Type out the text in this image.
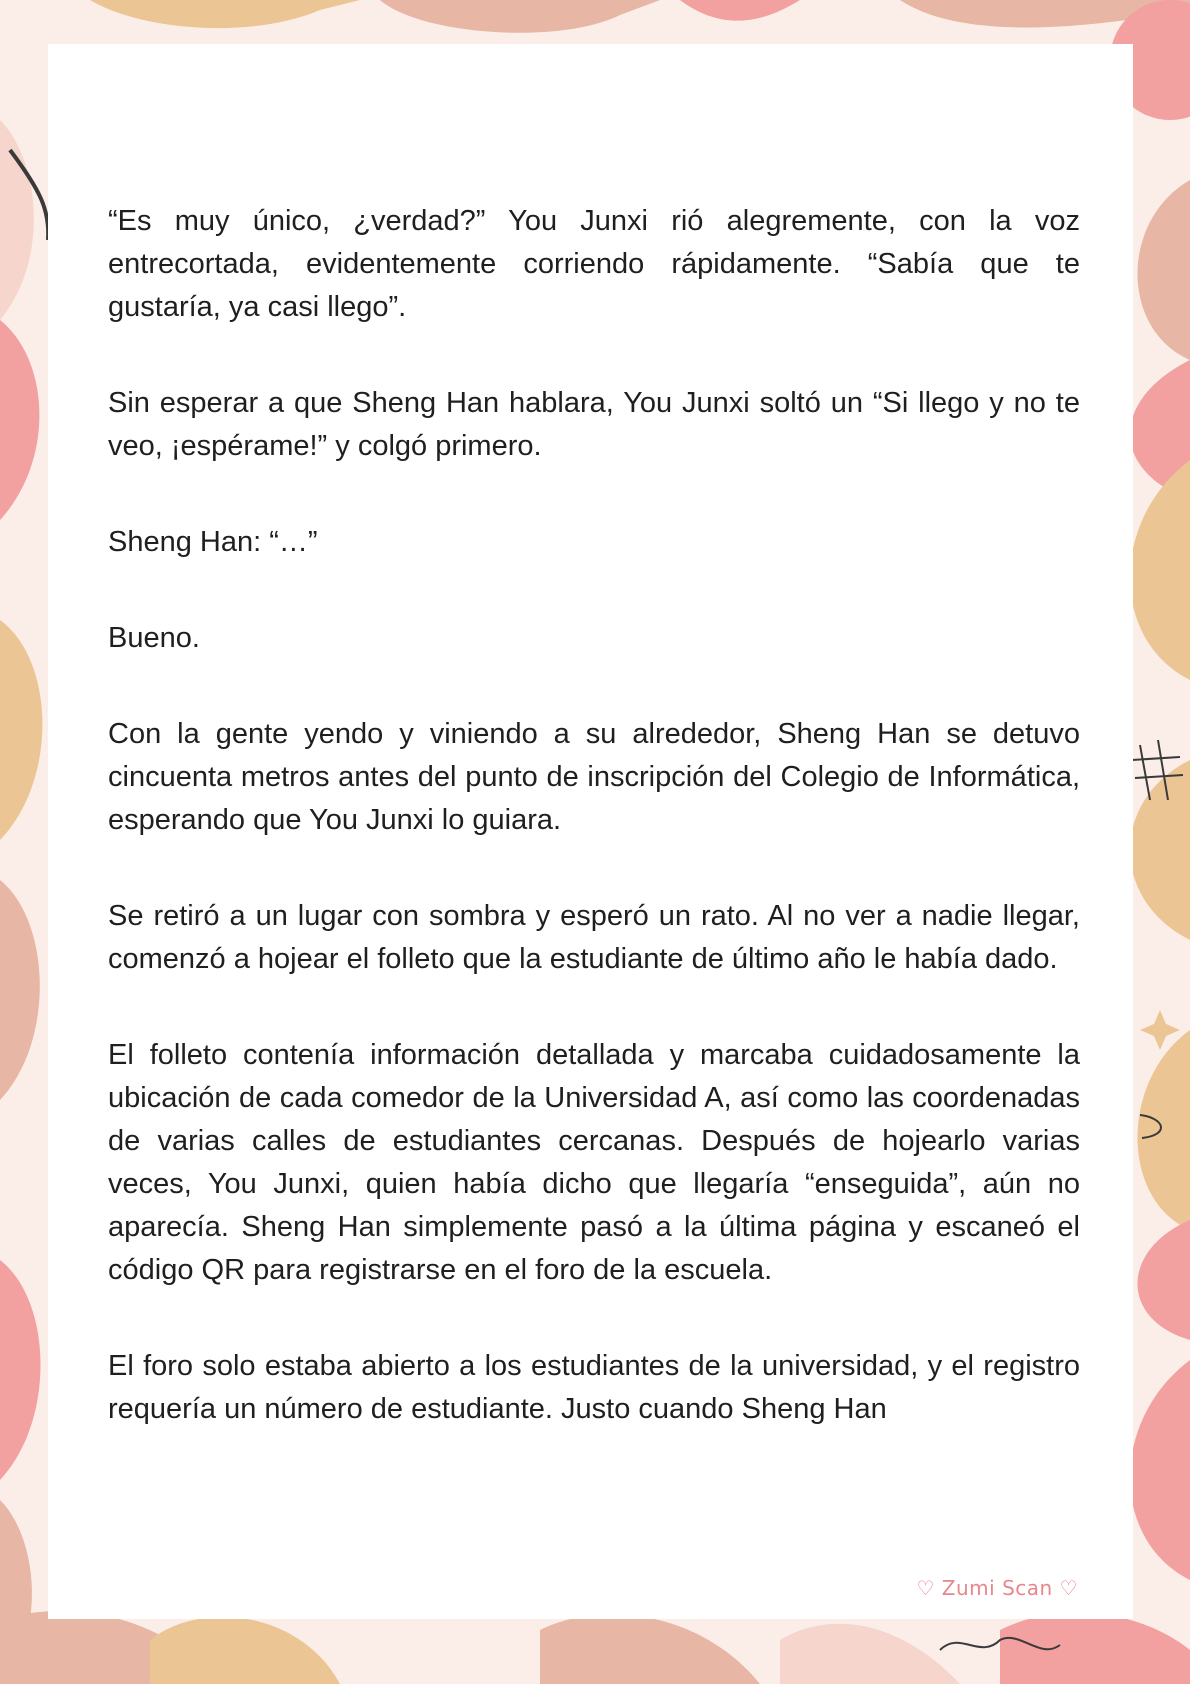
“Es muy único, ¿verdad?” You Junxi rió alegremente, con la voz entrecortada, evidentemente corriendo rápidamente. “Sabía que te gustaría, ya casi llego”.

Sin esperar a que Sheng Han hablara, You Junxi soltó un “Si llego y no te veo, ¡espérame!” y colgó primero.

Sheng Han: “…”

Bueno.

Con la gente yendo y viniendo a su alrededor, Sheng Han se detuvo cincuenta metros antes del punto de inscripción del Colegio de Informática, esperando que You Junxi lo guiara.

Se retiró a un lugar con sombra y esperó un rato. Al no ver a nadie llegar, comenzó a hojear el folleto que la estudiante de último año le había dado.

El folleto contenía información detallada y marcaba cuidadosamente la ubicación de cada comedor de la Universidad A, así como las coordenadas de varias calles de estudiantes cercanas. Después de hojearlo varias veces, You Junxi, quien había dicho que llegaría “enseguida”, aún no aparecía. Sheng Han simplemente pasó a la última página y escaneó el código QR para registrarse en el foro de la escuela.

El foro solo estaba abierto a los estudiantes de la universidad, y el registro requería un número de estudiante. Justo cuando Sheng Han

♡ Zumi Scan ♡
